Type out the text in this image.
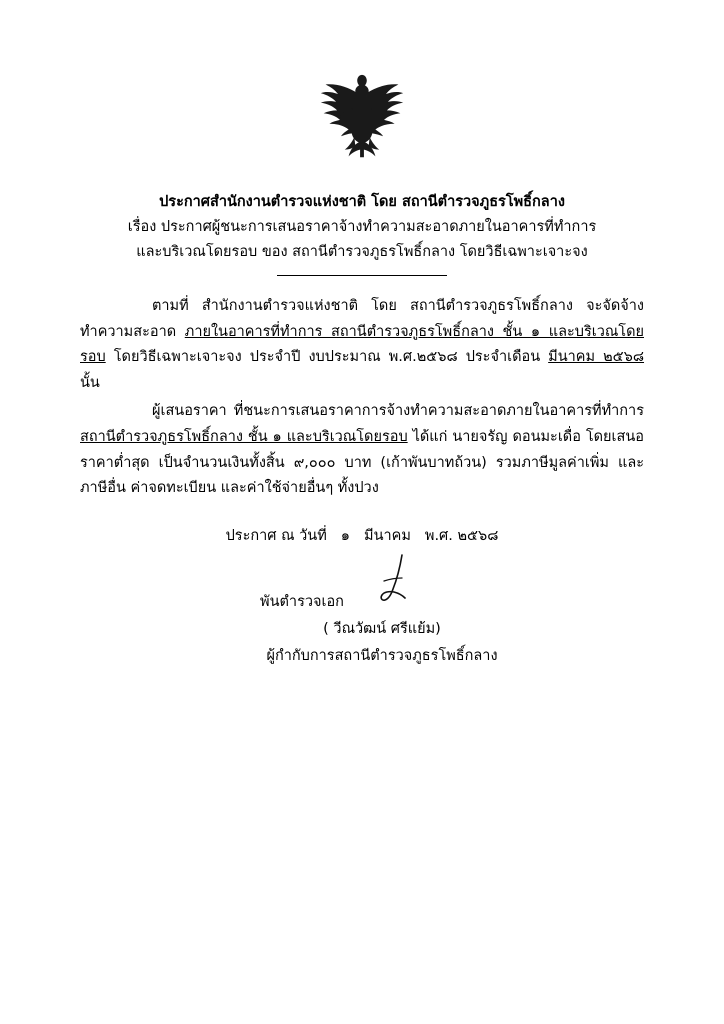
ประกาศสำนักงานตำรวจแห่งชาติ โดย สถานีตำรวจภูธรโพธิ์กลาง
เรื่อง ประกาศผู้ชนะการเสนอราคาจ้างทำความสะอาดภายในอาคารที่ทำการ
และบริเวณโดยรอบ ของ สถานีตำรวจภูธรโพธิ์กลาง โดยวิธีเฉพาะเจาะจง

ตามที่ สำนักงานตำรวจแห่งชาติ โดย สถานีตำรวจภูธรโพธิ์กลาง จะจัดจ้างทำความสะอาด ภายในอาคารที่ทำการ สถานีตำรวจภูธรโพธิ์กลาง ชั้น ๑ และบริเวณโดยรอบ โดยวิธีเฉพาะเจาะจง ประจำปี งบประมาณ พ.ศ.๒๕๖๘ ประจำเดือน มีนาคม ๒๕๖๘ นั้น

ผู้เสนอราคา ที่ชนะการเสนอราคาการจ้างทำความสะอาดภายในอาคารที่ทำการ สถานีตำรวจภูธรโพธิ์กลาง ชั้น ๑ และบริเวณโดยรอบ ได้แก่ นายจรัญ ดอนมะเดื่อ โดยเสนอราคาต่ำสุด เป็นจำนวนเงินทั้งสิ้น ๙,๐๐๐ บาท (เก้าพันบาทถ้วน) รวมภาษีมูลค่าเพิ่ม และภาษีอื่น ค่าจดทะเบียน และค่าใช้จ่ายอื่นๆ ทั้งปวง

ประกาศ ณ วันที่ ๑ มีนาคม พ.ศ. ๒๕๖๘
พันตำรวจเอก
( วีณวัฒน์ ศรีแย้ม)
ผู้กำกับการสถานีตำรวจภูธรโพธิ์กลาง
